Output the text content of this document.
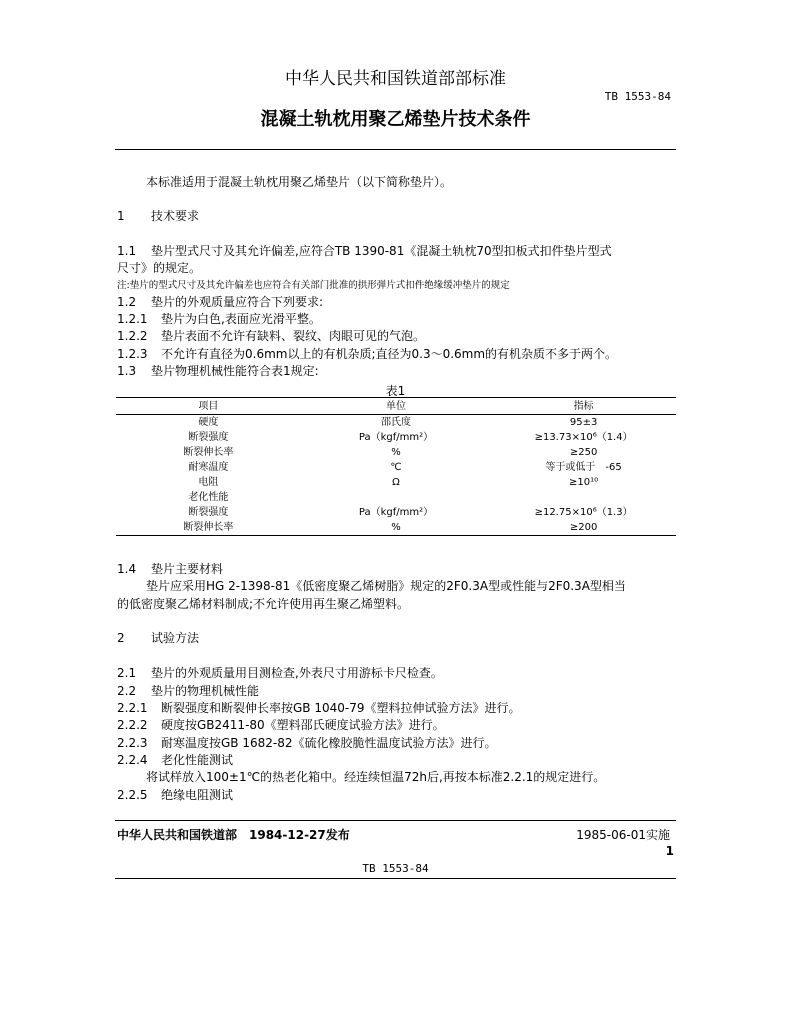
中华人民共和国铁道部部标准
TB 1553-84
混凝土轨枕用聚乙烯垫片技术条件
本标准适用于混凝土轨枕用聚乙烯垫片（以下简称垫片）。
1 技术要求
1.1 垫片型式尺寸及其允许偏差,应符合TB 1390-81《混凝土轨枕70型扣板式扣件垫片型式
尺寸》的规定。
注:垫片的型式尺寸及其允许偏差也应符合有关部门批准的拱形弹片式扣件绝缘缓冲垫片的规定
1.2 垫片的外观质量应符合下列要求:
1.2.1 垫片为白色,表面应光滑平整。
1.2.2 垫片表面不允许有缺料、裂纹、肉眼可见的气泡。
1.2.3 不允许有直径为0.6mm以上的有机杂质;直径为0.3～0.6mm的有机杂质不多于两个。
1.3 垫片物理机械性能符合表1规定:
表1
项目	单位	指标
硬度	邵氏度	95±3
断裂强度	Pa（kgf/mm²）	≥13.73×10⁶（1.4）
断裂伸长率	%	≥250
耐寒温度	℃	等于或低于　-65
电阻	Ω	≥10¹⁰
老化性能		
断裂强度	Pa（kgf/mm²）	≥12.75×10⁶（1.3）
断裂伸长率	%	≥200
1.4 垫片主要材料
垫片应采用HG 2-1398-81《低密度聚乙烯树脂》规定的2F0.3A型或性能与2F0.3A型相当
的低密度聚乙烯材料制成;不允许使用再生聚乙烯塑料。
2 试验方法
2.1 垫片的外观质量用目测检查,外表尺寸用游标卡尺检查。
2.2 垫片的物理机械性能
2.2.1 断裂强度和断裂伸长率按GB 1040-79《塑料拉伸试验方法》进行。
2.2.2 硬度按GB2411-80《塑料邵氏硬度试验方法》进行。
2.2.3 耐寒温度按GB 1682-82《硫化橡胶脆性温度试验方法》进行。
2.2.4 老化性能测试
将试样放入100±1℃的热老化箱中。经连续恒温72h后,再按本标准2.2.1的规定进行。
2.2.5 绝缘电阻测试
中华人民共和国铁道部　1984-12-27发布	1985-06-01实施
1
TB 1553-84
